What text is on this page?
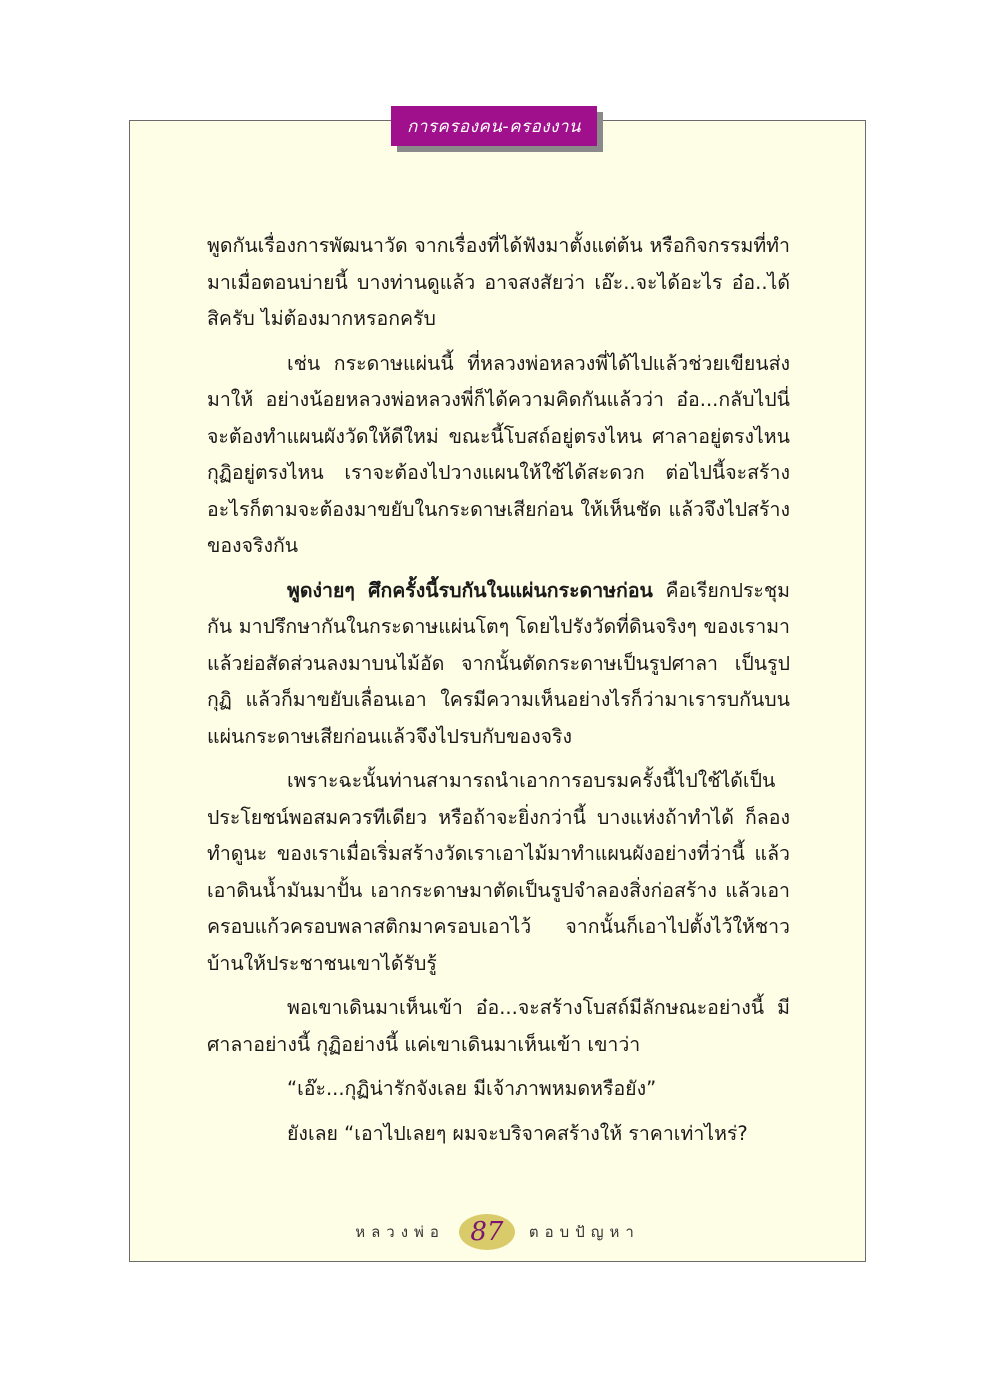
การครองคน-ครองงาน

พูดกันเรื่องการพัฒนาวัด จากเรื่องที่ได้ฟังมาตั้งแต่ต้น หรือกิจกรรมที่ทำมาเมื่อตอนบ่ายนี้ บางท่านดูแล้ว อาจสงสัยว่า เอ๊ะ..จะได้อะไร อ๋อ..ได้ สิครับ ไม่ต้องมากหรอกครับ

เช่น กระดาษแผ่นนี้ ที่หลวงพ่อหลวงพี่ได้ไปแล้วช่วยเขียนส่งมาให้ อย่างน้อยหลวงพ่อหลวงพี่ก็ได้ความคิดกันแล้วว่า อ๋อ...กลับไปนี่ จะต้องทำแผนผังวัดให้ดีใหม่ ขณะนี้โบสถ์อยู่ตรงไหน ศาลาอยู่ตรงไหน กุฏิอยู่ตรงไหน เราจะต้องไปวางแผนให้ใช้ได้สะดวก ต่อไปนี้จะสร้างอะไรก็ตามจะต้องมาขยับในกระดาษเสียก่อน ให้เห็นชัด แล้วจึงไปสร้างของจริงกัน

พูดง่ายๆ ศึกครั้งนี้รบกันในแผ่นกระดาษก่อน คือเรียกประชุมกัน มาปรึกษากันในกระดาษแผ่นโตๆ โดยไปรังวัดที่ดินจริงๆ ของเรามา แล้วย่อสัดส่วนลงมาบนไม้อัด จากนั้นตัดกระดาษเป็นรูปศาลา เป็นรูปกุฏิ แล้วก็มาขยับเลื่อนเอา ใครมีความเห็นอย่างไรก็ว่ามาเรารบกันบนแผ่นกระดาษเสียก่อนแล้วจึงไปรบกับของจริง

เพราะฉะนั้นท่านสามารถนำเอาการอบรมครั้งนี้ไปใช้ได้เป็นประโยชน์พอสมควรทีเดียว หรือถ้าจะยิ่งกว่านี้ บางแห่งถ้าทำได้ ก็ลองทำดูนะ ของเราเมื่อเริ่มสร้างวัดเราเอาไม้มาทำแผนผังอย่างที่ว่านี้ แล้วเอาดินน้ำมันมาปั้น เอากระดาษมาตัดเป็นรูปจำลองสิ่งก่อสร้าง แล้วเอาครอบแก้วครอบพลาสติกมาครอบเอาไว้ จากนั้นก็เอาไปตั้งไว้ให้ชาวบ้านให้ประชาชนเขาได้รับรู้

พอเขาเดินมาเห็นเข้า อ๋อ...จะสร้างโบสถ์มีลักษณะอย่างนี้ มีศาลาอย่างนี้ กุฏิอย่างนี้ แค่เขาเดินมาเห็นเข้า เขาว่า

“เอ๊ะ...กุฏิน่ารักจังเลย มีเจ้าภาพหมดหรือยัง”

ยังเลย “เอาไปเลยๆ ผมจะบริจาคสร้างให้ ราคาเท่าไหร่?

หลวงพ่อ 87	ตอบปัญหา
